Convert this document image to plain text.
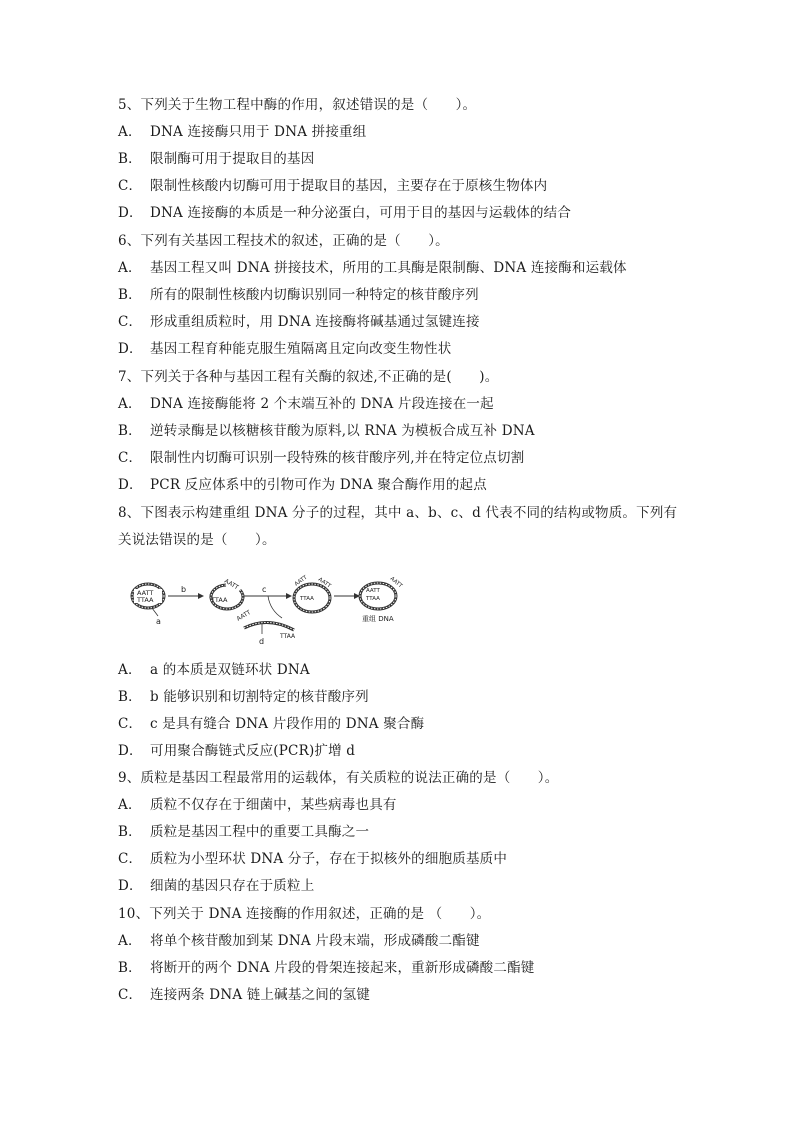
5、下列关于生物工程中酶的作用，叙述错误的是（　　）。
A． DNA 连接酶只用于 DNA 拼接重组
B． 限制酶可用于提取目的基因
C． 限制性核酸内切酶可用于提取目的基因，主要存在于原核生物体内
D． DNA 连接酶的本质是一种分泌蛋白，可用于目的基因与运载体的结合
6、下列有关基因工程技术的叙述，正确的是（　　）。
A． 基因工程又叫 DNA 拼接技术，所用的工具酶是限制酶、DNA 连接酶和运载体
B． 所有的限制性核酸内切酶识别同一种特定的核苷酸序列
C． 形成重组质粒时，用 DNA 连接酶将碱基通过氢键连接
D． 基因工程育种能克服生殖隔离且定向改变生物性状
7、下列关于各种与基因工程有关酶的叙述,不正确的是(　　)。
A． DNA 连接酶能将 2 个末端互补的 DNA 片段连接在一起
B． 逆转录酶是以核糖核苷酸为原料,以 RNA 为模板合成互补 DNA
C． 限制性内切酶可识别一段特殊的核苷酸序列,并在特定位点切割
D． PCR 反应体系中的引物可作为 DNA 聚合酶作用的起点
8、下图表示构建重组 DNA 分子的过程，其中 a、b、c、d 代表不同的结构或物质。下列有
关说法错误的是（　　）。
AATT
TTAA
a
b	AATT
TTAA
AATT
TTAA
d
c
AATT AATT
TTAA
AATT
TTAA
AATT
重组 DNA
A． a 的本质是双链环状 DNA
B． b 能够识别和切割特定的核苷酸序列
C． c 是具有缝合 DNA 片段作用的 DNA 聚合酶
D． 可用聚合酶链式反应(PCR)扩增 d
9、质粒是基因工程最常用的运载体，有关质粒的说法正确的是（　　）。
A． 质粒不仅存在于细菌中，某些病毒也具有
B． 质粒是基因工程中的重要工具酶之一
C． 质粒为小型环状 DNA 分子，存在于拟核外的细胞质基质中
D． 细菌的基因只存在于质粒上
10、下列关于 DNA 连接酶的作用叙述，正确的是 （　　）。
A． 将单个核苷酸加到某 DNA 片段末端，形成磷酸二酯键
B． 将断开的两个 DNA 片段的骨架连接起来，重新形成磷酸二酯键
C． 连接两条 DNA 链上碱基之间的氢键
